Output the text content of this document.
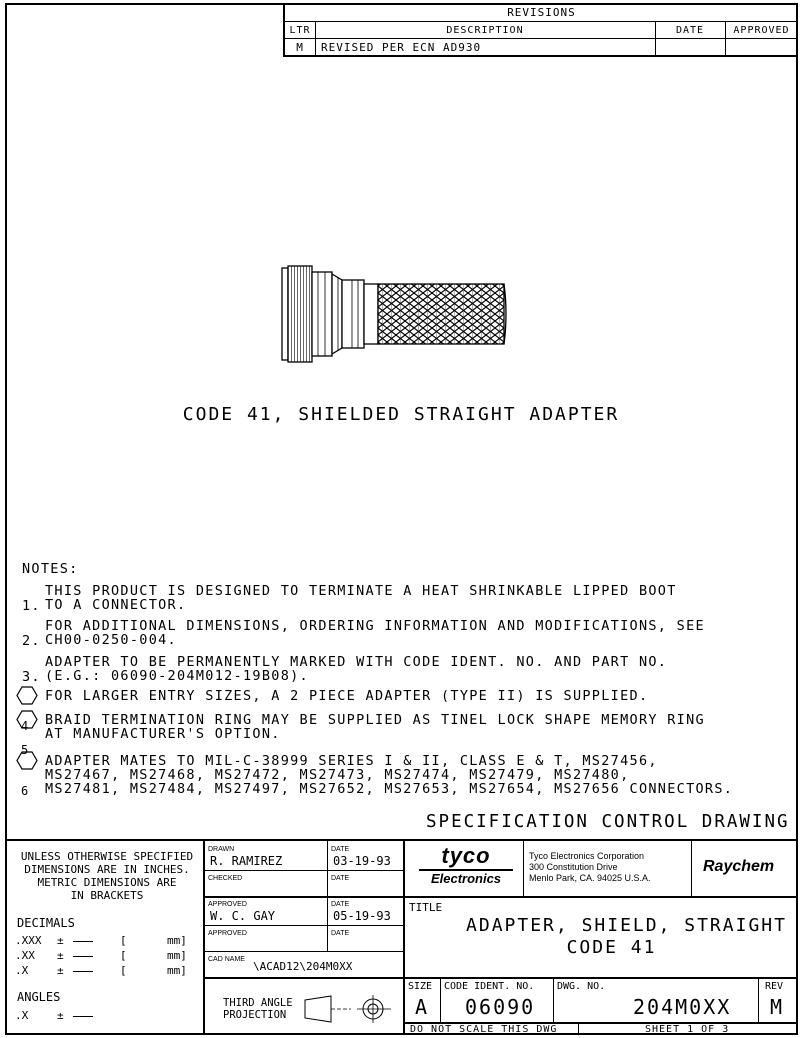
REVISIONS
LTR	DESCRIPTION	DATE	APPROVED
M	REVISED PER ECN AD930
CODE 41, SHIELDED STRAIGHT ADAPTER
NOTES:

1.

THIS PRODUCT IS DESIGNED TO TERMINATE A HEAT SHRINKABLE LIPPED BOOT

TO A CONNECTOR.

2.

FOR ADDITIONAL DIMENSIONS, ORDERING INFORMATION AND MODIFICATIONS, SEE

CH00-0250-004.

3.

ADAPTER TO BE PERMANENTLY MARKED WITH CODE IDENT. NO. AND PART NO.

(E.G.: 06090-204M012-19B08).

4

FOR LARGER ENTRY SIZES, A 2 PIECE ADAPTER (TYPE II) IS SUPPLIED.

5

BRAID TERMINATION RING MAY BE SUPPLIED AS TINEL LOCK SHAPE MEMORY RING

AT MANUFACTURER'S OPTION.

6

ADAPTER MATES TO MIL-C-38999 SERIES I & II, CLASS E & T, MS27456,

MS27467, MS27468, MS27472, MS27473, MS27474, MS27479, MS27480,

MS27481, MS27484, MS27497, MS27652, MS27653, MS27654, MS27656 CONNECTORS.

SPECIFICATION CONTROL DRAWING
UNLESS OTHERWISE SPECIFIED
DIMENSIONS ARE IN INCHES.
METRIC DIMENSIONS ARE
IN BRACKETS
DECIMALS
.XXX ±	[	mm]
.XX ±	[	mm]
.X	±	[	mm]
ANGLES
.X	±
DRAWN
R. RAMIREZ
DATE
03-19-93
CHECKED	DATE
APPROVED
W. C. GAY
DATE
05-19-93
APPROVED	DATE
CAD NAME
\ACAD12\204M0XX
THIRD ANGLE
PROJECTION
tyco
Electronics
Tyco Electronics Corporation
300 Constitution Drive
Menlo Park, CA. 94025 U.S.A.
Raychem
TITLE
ADAPTER, SHIELD, STRAIGHT
CODE 41
SIZE
A
CODE IDENT. NO.
06090
DWG. NO.
204M0XX
REV
M
DO NOT SCALE THIS DWG	SHEET 1 OF 3
